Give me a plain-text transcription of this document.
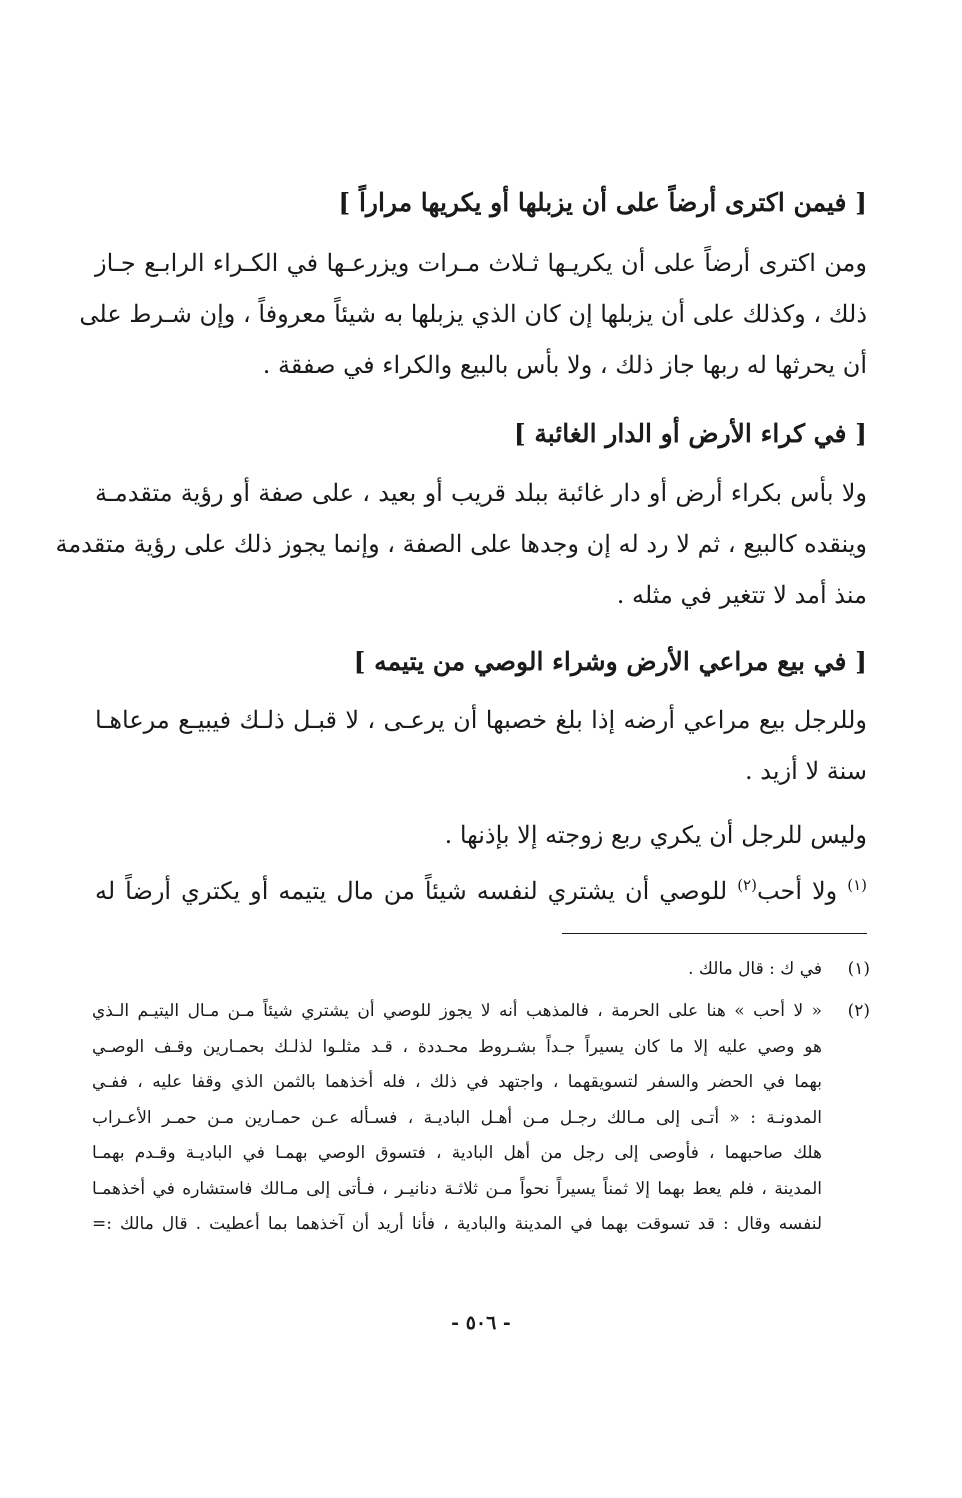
[ فيمن اكترى أرضاً على أن يزبلها أو يكريها مراراً ]
ومن اكترى أرضاً على أن يكريـها ثـلاث مـرات ويزرعـها في الكـراء الرابـع جـاز
ذلك ، وكذلك على أن يزبلها إن كان الذي يزبلها به شيئاً معروفاً ، وإن شـرط على
أن يحرثها له ربها جاز ذلك ، ولا بأس بالبيع والكراء في صفقة .
[ في كراء الأرض أو الدار الغائبة ]
ولا بأس بكراء أرض أو دار غائبة ببلد قريب أو بعيد ، على صفة أو رؤية متقدمـة
وينقده كالبيع ، ثم لا رد له إن وجدها على الصفة ، وإنما يجوز ذلك على رؤية متقدمة
منذ أمد لا تتغير في مثله .
[ في بيع مراعي الأرض وشراء الوصي من يتيمه ]
وللرجل بيع مراعي أرضه إذا بلغ خصبها أن يرعـى ، لا قبـل ذلـك فيبيـع مرعاهـا
سنة لا أزيد .
وليس للرجل أن يكري ربع زوجته إلا بإذنها .
$^{(١)}$ ولا أحب$^{(٢)}$ للوصي أن يشتري لنفسه شيئاً من مال يتيمه أو يكتري أرضاً له
(١)
في ك : قال مالك .
(٢)
« لا أحب » هنا على الحرمة ، فالمذهب أنه لا يجوز للوصي أن يشتري شيئاً مـن مـال اليتيـم الـذي
هو وصي عليه إلا ما كان يسيراً جـداً بشـروط محـددة ، قـد مثلـوا لذلـك بحمـارين وقـف الوصـي
بهما في الحضر والسفر لتسويقهما ، واجتهد في ذلك ، فله أخذهما بالثمن الذي وقفا عليه ، ففـي
المدونـة : « أتـى إلى مـالك رجـل مـن أهـل الباديـة ، فسـأله عـن حمـارين مـن حمـر الأعـراب
هلك صاحبهما ، فأوصى إلى رجل من أهل البادية ، فتسوق الوصي بهمـا في الباديـة وقـدم بهمـا
المدينة ، فلم يعط بهما إلا ثمناً يسيراً نحواً مـن ثلاثـة دنانيـر ، فـأتى إلى مـالك فاستشاره في أخذهمـا
لنفسه وقال : قد تسوقت بهما في المدينة والبادية ، فأنا أريد أن آخذهما بما أعطيت . قال مالك :=
- ٥٠٦ -
